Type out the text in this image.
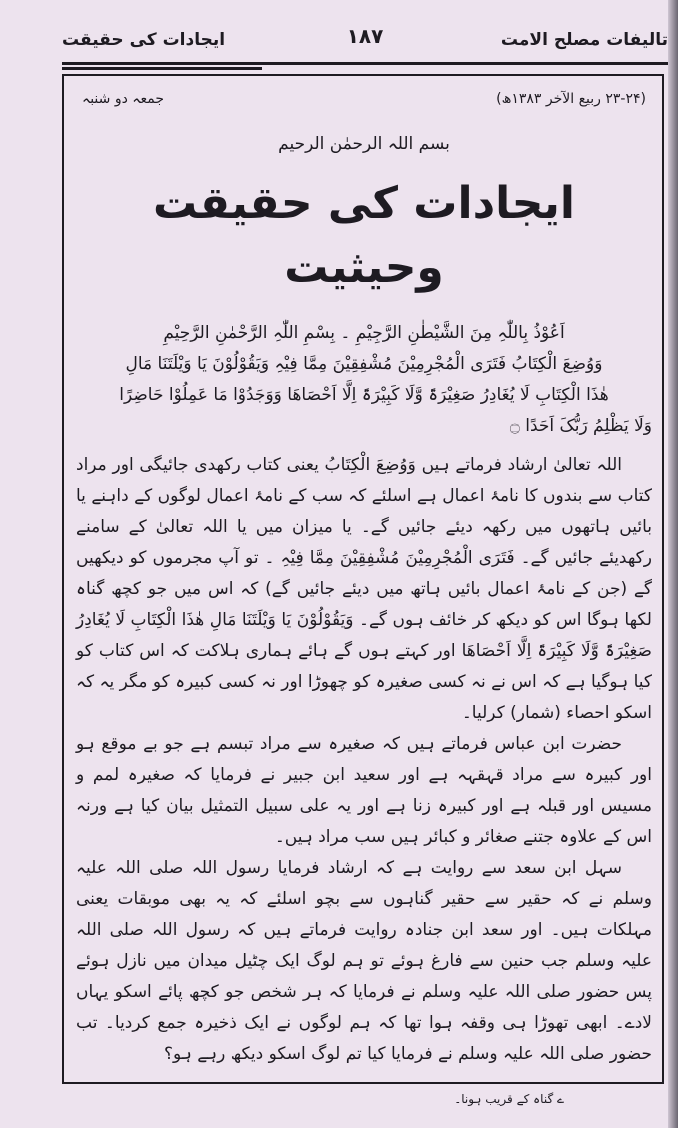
تالیفات مصلح الامت
۱۸۷
ایجادات کی حقیقت
(۲۳-۲۴ ربیع الآخر ۱۳۸۳ھ)
جمعہ دو شنبہ
بسم اللہ الرحمٰن الرحیم
ایجادات کی حقیقت وحیثیت
اَعُوْذُ بِاللّٰہِ مِنَ الشَّیْطٰنِ الرَّجِیْمِ ۔ بِسْمِ اللّٰہِ الرَّحْمٰنِ الرَّحِیْمِ
وَوُضِعَ الْکِتَابُ فَتَرَی الْمُجْرِمِیْنَ مُشْفِقِیْنَ مِمَّا فِیْہِ وَیَقُوْلُوْنَ یَا وَیْلَتَنَا مَالِ
ھٰذَا الْکِتَابِ لَا یُغَادِرُ صَغِیْرَۃً وَّلَا کَبِیْرَۃً اِلَّا اَحْصَاھَا وَوَجَدُوْا مَا عَمِلُوْا حَاضِرًا
وَلَا یَظْلِمُ رَبُّکَ اَحَدًا ۝

اللہ تعالیٰ ارشاد فرماتے ہیں وَوُضِعَ الْکِتَابُ یعنی کتاب رکھدی جائیگی اور مراد کتاب سے بندوں کا نامۂ اعمال ہے اسلئے کہ سب کے نامۂ اعمال لوگوں کے داہنے یا بائیں ہاتھوں میں رکھہ دیئے جائیں گے۔ یا میزان میں یا اللہ تعالیٰ کے سامنے رکھدیئے جائیں گے۔ فَتَرَی الْمُجْرِمِیْنَ مُشْفِقِیْنَ مِمَّا فِیْہِ ۔ تو آپ مجرموں کو دیکھیں گے (جن کے نامۂ اعمال بائیں ہاتھ میں دیئے جائیں گے) کہ اس میں جو کچھ گناہ لکھا ہوگا اس کو دیکھ کر خائف ہوں گے۔ وَیَقُوْلُوْنَ یَا وَیْلَتَنَا مَالِ ھٰذَا الْکِتَابِ لَا یُغَادِرُ صَغِیْرَۃً وَّلَا کَبِیْرَۃً اِلَّا اَحْصَاھَا اور کہتے ہوں گے ہائے ہماری ہلاکت کہ اس کتاب کو کیا ہوگیا ہے کہ اس نے نہ کسی صغیرہ کو چھوڑا اور نہ کسی کبیرہ کو مگر یہ کہ اسکو احصاء (شمار) کرلیا۔

حضرت ابن عباس فرماتے ہیں کہ صغیرہ سے مراد تبسم ہے جو بے موقع ہو اور کبیرہ سے مراد قہقہہ ہے اور سعید ابن جبیر نے فرمایا کہ صغیرہ لمم و مسیس اور قبلہ ہے اور کبیرہ زنا ہے اور یہ علی سبیل التمثیل بیان کیا ہے ورنہ اس کے علاوہ جتنے صغائر و کبائر ہیں سب مراد ہیں۔

سہل ابن سعد سے روایت ہے کہ ارشاد فرمایا رسول اللہ صلی اللہ علیہ وسلم نے کہ حقیر سے حقیر گناہوں سے بچو اسلئے کہ یہ بھی موبقات یعنی مہلکات ہیں۔ اور سعد ابن جنادہ روایت فرماتے ہیں کہ رسول اللہ صلی اللہ علیہ وسلم جب حنین سے فارغ ہوئے تو ہم لوگ ایک چٹیل میدان میں نازل ہوئے پس حضور صلی اللہ علیہ وسلم نے فرمایا کہ ہر شخص جو کچھ پائے اسکو یہاں لادے۔ ابھی تھوڑا ہی وقفہ ہوا تھا کہ ہم لوگوں نے ایک ذخیرہ جمع کردیا۔ تب حضور صلی اللہ علیہ وسلم نے فرمایا کیا تم لوگ اسکو دیکھ رہے ہو؟

ے گناہ کے قریب ہونا۔
